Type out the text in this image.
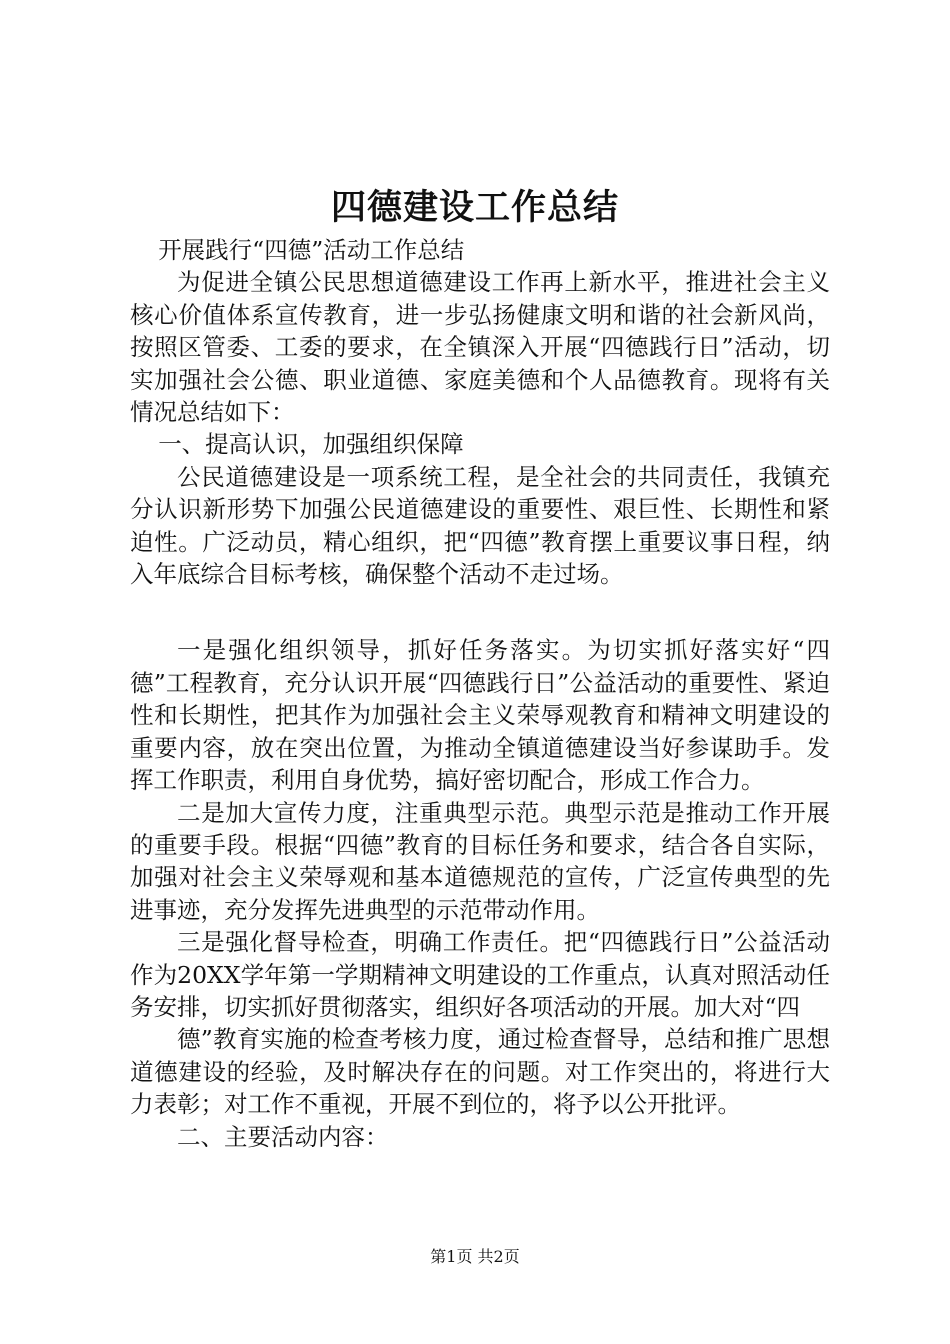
四德建设工作总结

开展践行“四德”活动工作总结

为促进全镇公民思想道德建设工作再上新水平，推进社会主义核心价值体系宣传教育，进一步弘扬健康文明和谐的社会新风尚，按照区管委、工委的要求，在全镇深入开展“四德践行日”活动，切实加强社会公德、职业道德、家庭美德和个人品德教育。现将有关情况总结如下：

一、提高认识，加强组织保障

公民道德建设是一项系统工程，是全社会的共同责任，我镇充分认识新形势下加强公民道德建设的重要性、艰巨性、长期性和紧迫性。广泛动员，精心组织，把“四德”教育摆上重要议事日程，纳入年底综合目标考核，确保整个活动不走过场。

一是强化组织领导，抓好任务落实。为切实抓好落实好“四德”工程教育，充分认识开展“四德践行日”公益活动的重要性、紧迫性和长期性，把其作为加强社会主义荣辱观教育和精神文明建设的重要内容，放在突出位置，为推动全镇道德建设当好参谋助手。发挥工作职责，利用自身优势，搞好密切配合，形成工作合力。

二是加大宣传力度，注重典型示范。典型示范是推动工作开展的重要手段。根据“四德”教育的目标任务和要求，结合各自实际，加强对社会主义荣辱观和基本道德规范的宣传，广泛宣传典型的先进事迹，充分发挥先进典型的示范带动作用。

三是强化督导检查，明确工作责任。把“四德践行日”公益活动作为20XX学年第一学期精神文明建设的工作重点，认真对照活动任务安排，切实抓好贯彻落实，组织好各项活动的开展。加大对“四

德”教育实施的检查考核力度，通过检查督导，总结和推广思想道德建设的经验，及时解决存在的问题。对工作突出的，将进行大力表彰；对工作不重视，开展不到位的，将予以公开批评。

二、主要活动内容：

第1页 共2页
